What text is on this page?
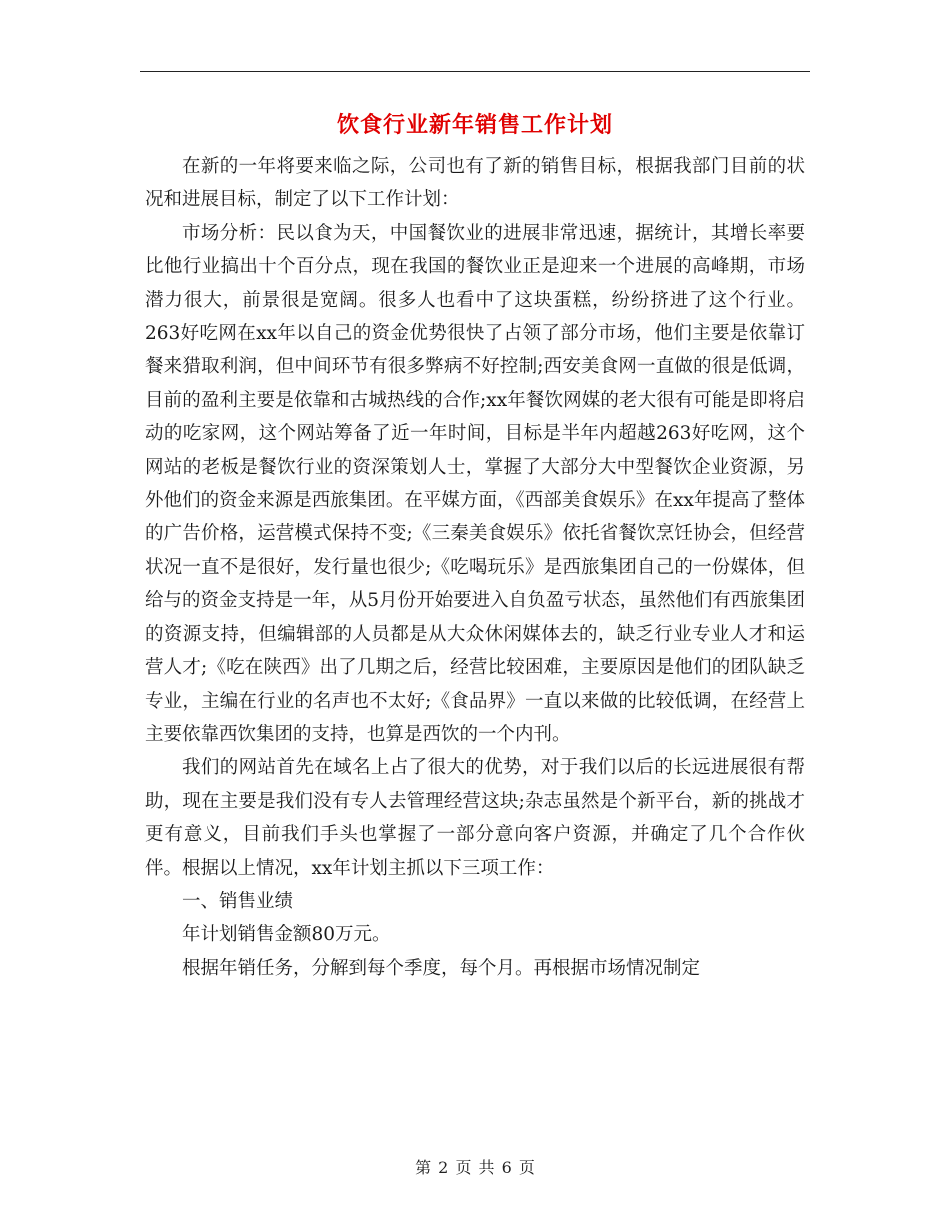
饮食行业新年销售工作计划

在新的一年将要来临之际，公司也有了新的销售目标，根据我部门目前的状况和进展目标，制定了以下工作计划：

市场分析：民以食为天，中国餐饮业的进展非常迅速，据统计，其增长率要比他行业搞出十个百分点，现在我国的餐饮业正是迎来一个进展的高峰期，市场潜力很大，前景很是宽阔。很多人也看中了这块蛋糕，纷纷挤进了这个行业。263好吃网在xx年以自己的资金优势很快了占领了部分市场，他们主要是依靠订餐来猎取利润，但中间环节有很多弊病不好控制;西安美食网一直做的很是低调，目前的盈利主要是依靠和古城热线的合作;xx年餐饮网媒的老大很有可能是即将启动的吃家网，这个网站筹备了近一年时间，目标是半年内超越263好吃网，这个网站的老板是餐饮行业的资深策划人士，掌握了大部分大中型餐饮企业资源，另外他们的资金来源是西旅集团。在平媒方面，《西部美食娱乐》在xx年提高了整体的广告价格，运营模式保持不变;《三秦美食娱乐》依托省餐饮烹饪协会，但经营状况一直不是很好，发行量也很少;《吃喝玩乐》是西旅集团自己的一份媒体，但给与的资金支持是一年，从5月份开始要进入自负盈亏状态，虽然他们有西旅集团的资源支持，但编辑部的人员都是从大众休闲媒体去的，缺乏行业专业人才和运营人才;《吃在陕西》出了几期之后，经营比较困难，主要原因是他们的团队缺乏专业，主编在行业的名声也不太好;《食品界》一直以来做的比较低调，在经营上主要依靠西饮集团的支持，也算是西饮的一个内刊。

我们的网站首先在域名上占了很大的优势，对于我们以后的长远进展很有帮助，现在主要是我们没有专人去管理经营这块;杂志虽然是个新平台，新的挑战才更有意义，目前我们手头也掌握了一部分意向客户资源，并确定了几个合作伙伴。根据以上情况，xx年计划主抓以下三项工作：

一、销售业绩

年计划销售金额80万元。

根据年销任务，分解到每个季度，每个月。再根据市场情况制定

第 2 页 共 6 页
